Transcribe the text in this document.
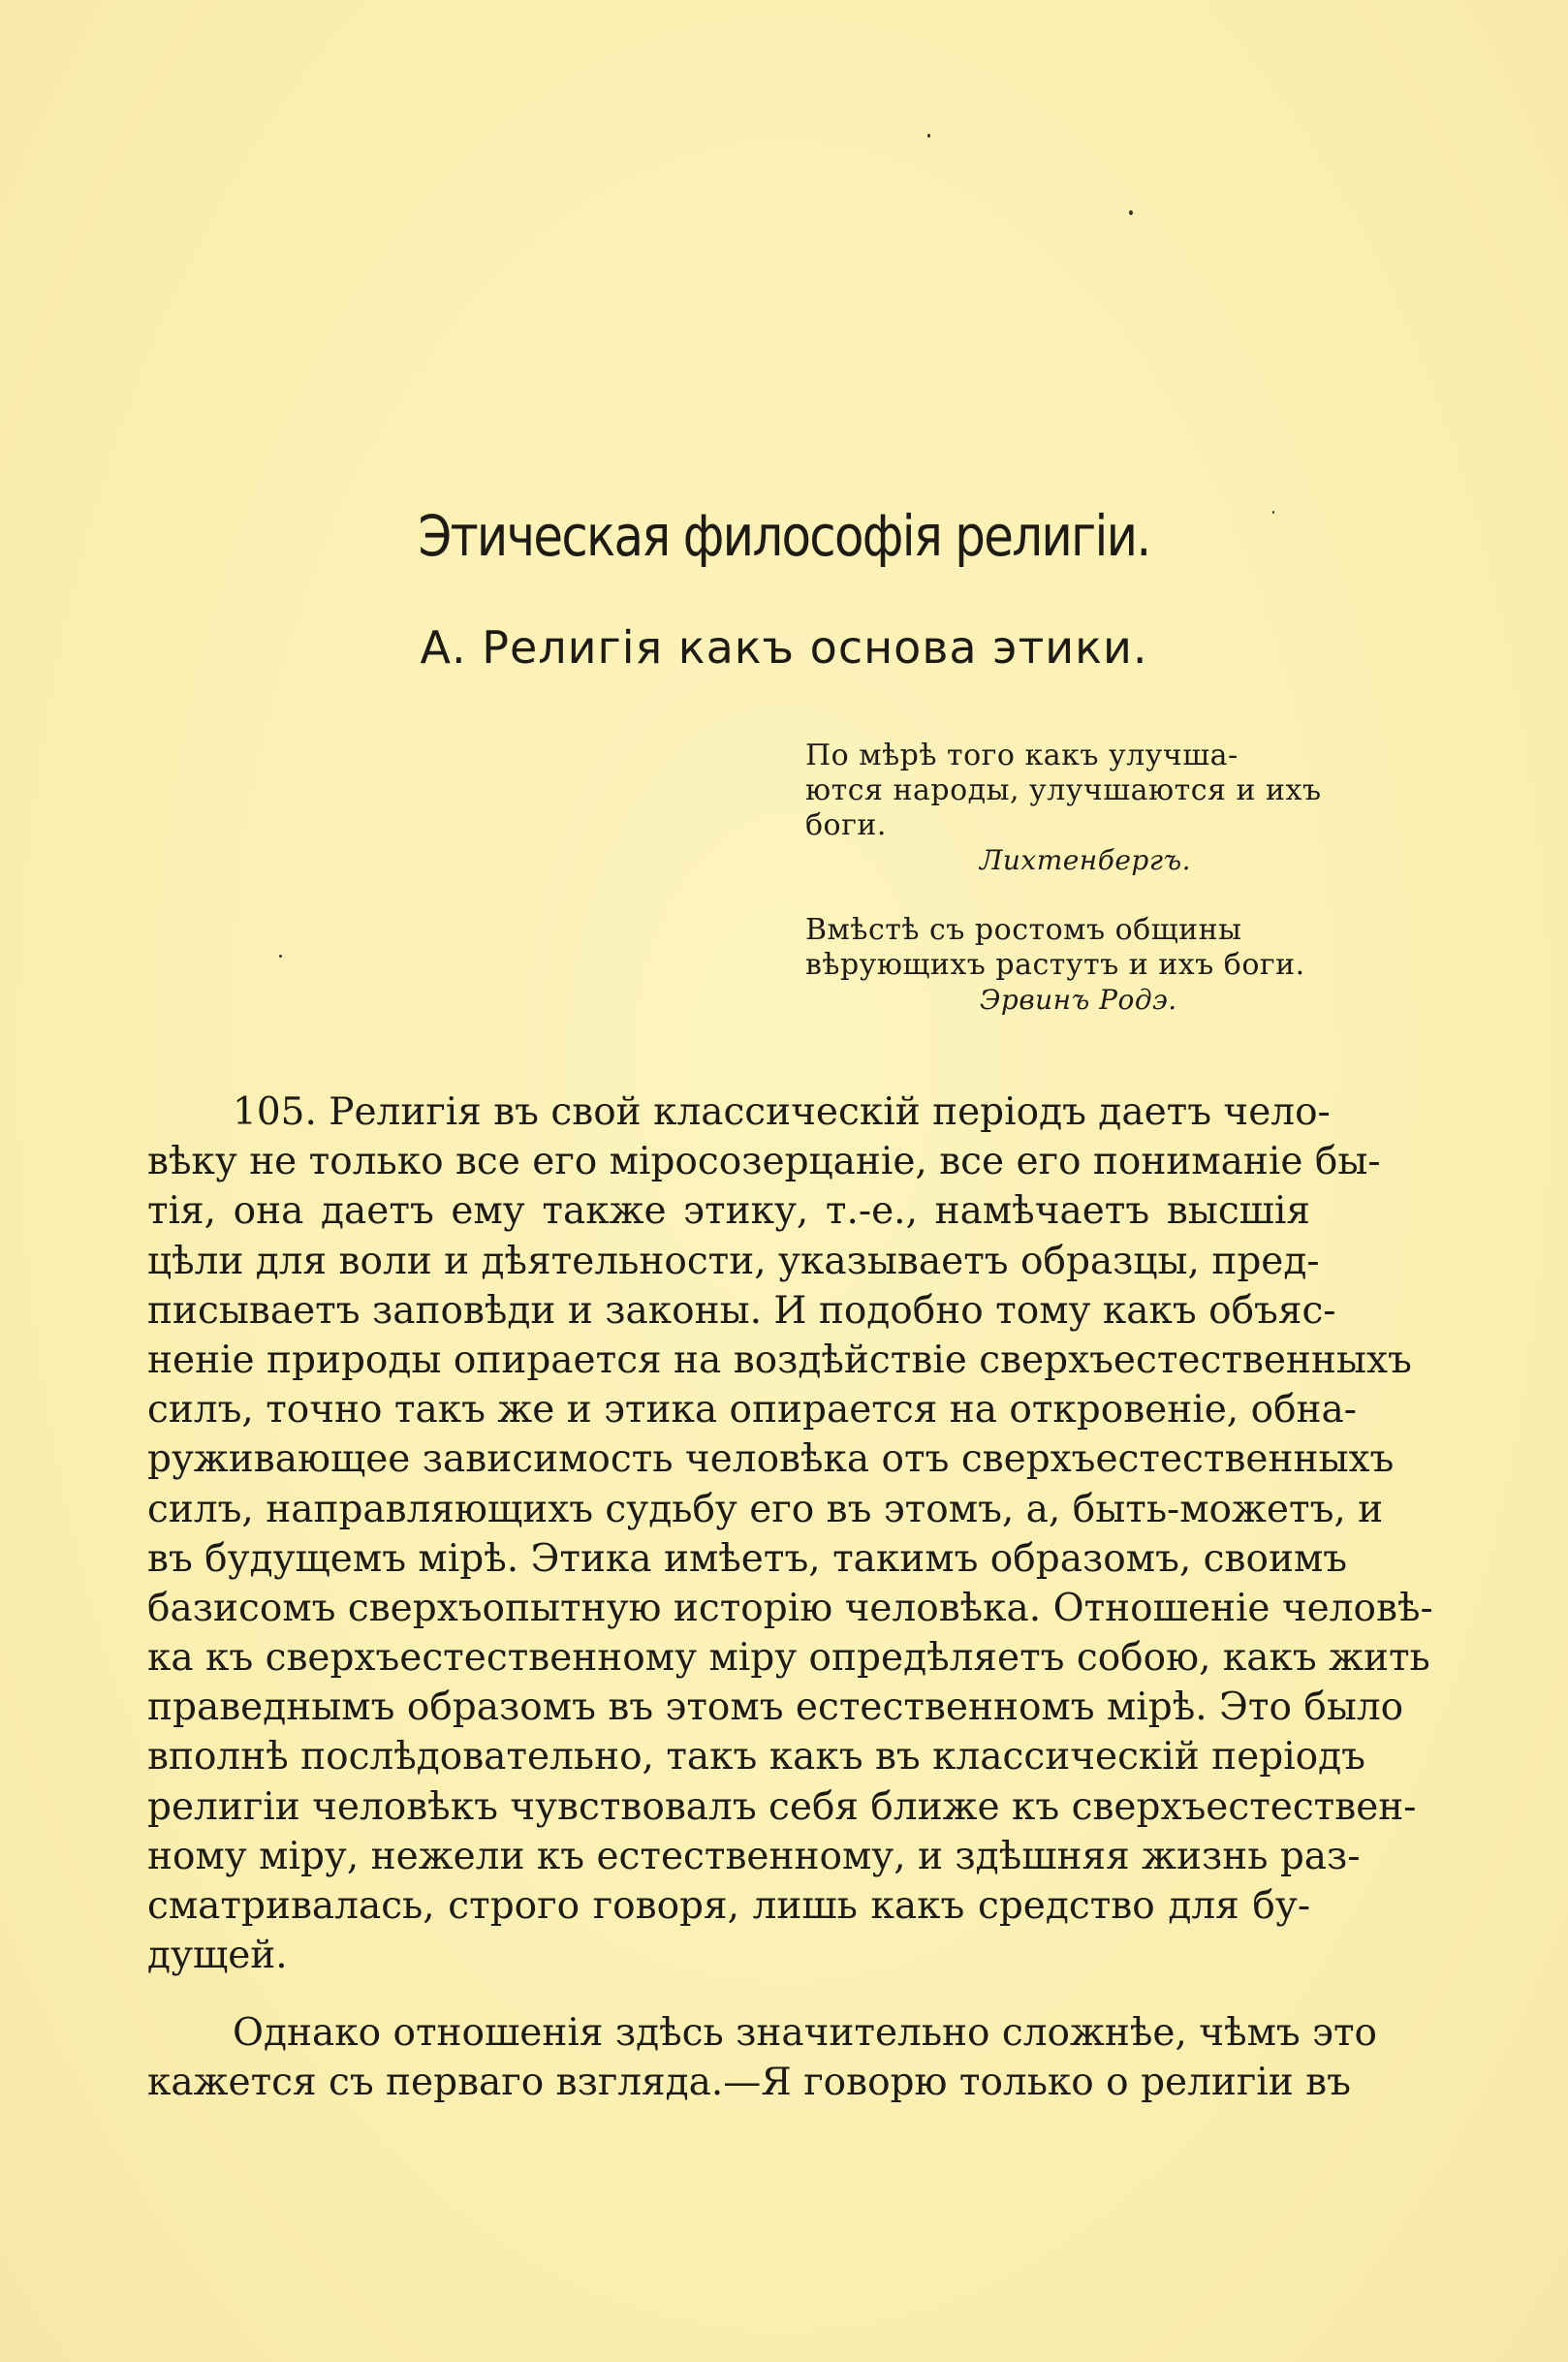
Этическая философія религіи.
А. Религія какъ основа этики.
По мѣрѣ того какъ улучша-
ются народы, улучшаются и ихъ
боги.
Лихтенбергъ.
Вмѣстѣ съ ростомъ общины
вѣрующихъ растутъ и ихъ боги.
Эрвинъ Родэ.
105. Религія въ свой классическій періодъ даетъ чело-
вѣку не только все его міросозерцаніе, все его пониманіе бы-
тія, она даетъ ему также этику, т.-е., намѣчаетъ высшія
цѣли для воли и дѣятельности, указываетъ образцы, пред-
писываетъ заповѣди и законы. И подобно тому какъ объяс-
неніе природы опирается на воздѣйствіе сверхъестественныхъ
силъ, точно такъ же и этика опирается на откровеніе, обна-
руживающее зависимость человѣка отъ сверхъестественныхъ
силъ, направляющихъ судьбу его въ этомъ, а, быть-можетъ, и
въ будущемъ мірѣ. Этика имѣетъ, такимъ образомъ, своимъ
базисомъ сверхъопытную исторію человѣка. Отношеніе человѣ-
ка къ сверхъестественному міру опредѣляетъ собою, какъ жить
праведнымъ образомъ въ этомъ естественномъ мірѣ. Это было
вполнѣ послѣдовательно, такъ какъ въ классическій періодъ
религіи человѣкъ чувствовалъ себя ближе къ сверхъестествен-
ному міру, нежели къ естественному, и здѣшняя жизнь раз-
сматривалась, строго говоря, лишь какъ средство для бу-
дущей.
Однако отношенія здѣсь значительно сложнѣе, чѣмъ это
кажется съ перваго взгляда.—Я говорю только о религіи въ
